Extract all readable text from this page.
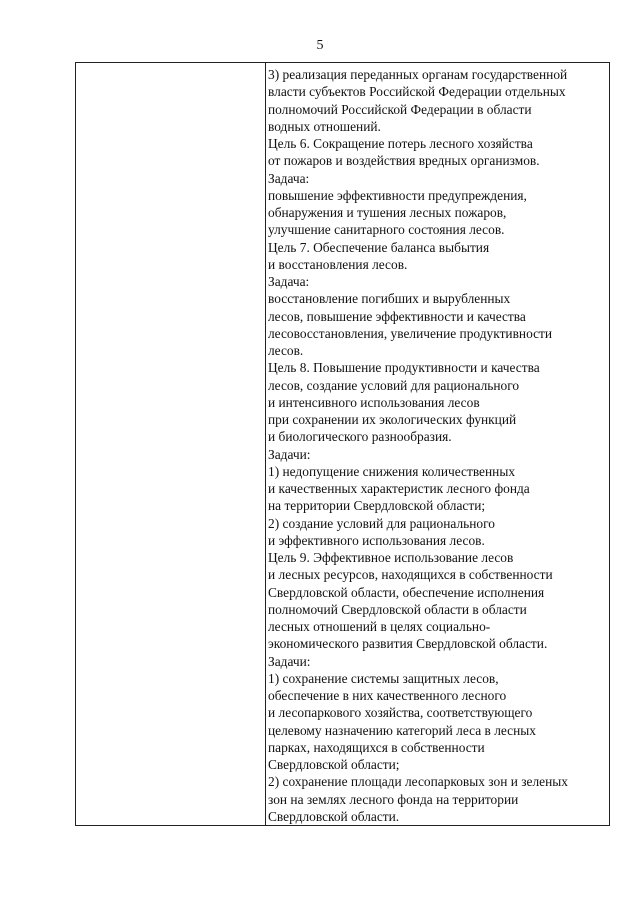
5

3) реализация переданных органам государственной
власти субъектов Российской Федерации отдельных
полномочий Российской Федерации в области
водных отношений.
Цель 6. Сокращение потерь лесного хозяйства
от пожаров и воздействия вредных организмов.
Задача:
повышение эффективности предупреждения,
обнаружения и тушения лесных пожаров,
улучшение санитарного состояния лесов.
Цель 7. Обеспечение баланса выбытия
и восстановления лесов.
Задача:
восстановление погибших и вырубленных
лесов, повышение эффективности и качества
лесовосстановления, увеличение продуктивности
лесов.
Цель 8. Повышение продуктивности и качества
лесов, создание условий для рационального
и интенсивного использования лесов
при сохранении их экологических функций
и биологического разнообразия.
Задачи:
1) недопущение снижения количественных
и качественных характеристик лесного фонда
на территории Свердловской области;
2) создание условий для рационального
и эффективного использования лесов.
Цель 9. Эффективное использование лесов
и лесных ресурсов, находящихся в собственности
Свердловской области, обеспечение исполнения
полномочий Свердловской области в области
лесных отношений в целях социально-
экономического развития Свердловской области.
Задачи:
1) сохранение системы защитных лесов,
обеспечение в них качественного лесного
и лесопаркового хозяйства, соответствующего
целевому назначению категорий леса в лесных
парках, находящихся в собственности
Свердловской области;
2) сохранение площади лесопарковых зон и зеленых
зон на землях лесного фонда на территории
Свердловской области.
